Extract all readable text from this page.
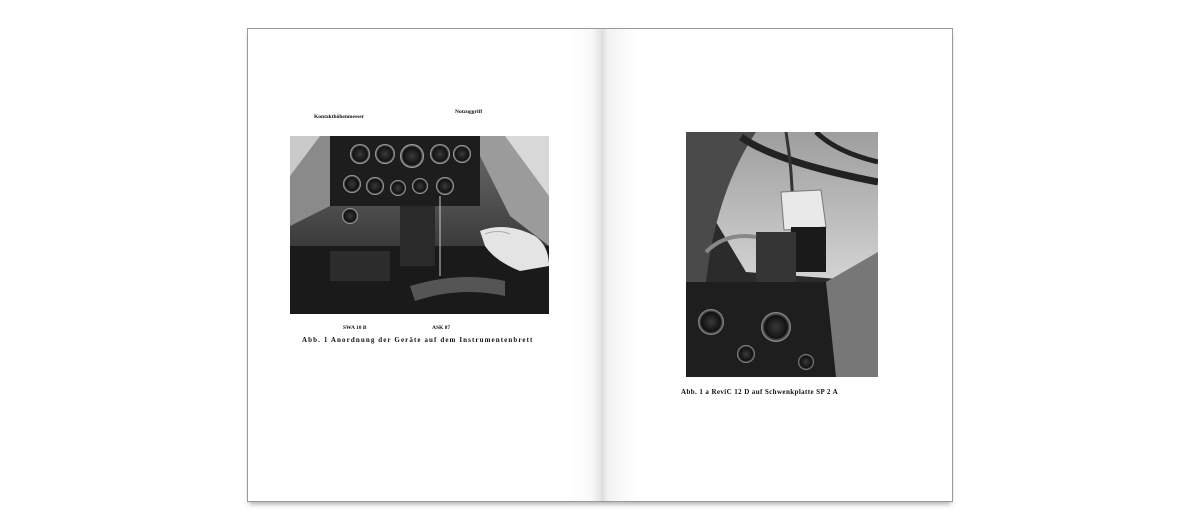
Kontakthöhenmesser
Notzuggriff
SWA 10 B	ASK 87
Abb. 1 Anordnung der Geräte auf dem Instrumentenbrett
Abb. 1 a ReviC 12 D auf Schwenkplatte SP 2 A
